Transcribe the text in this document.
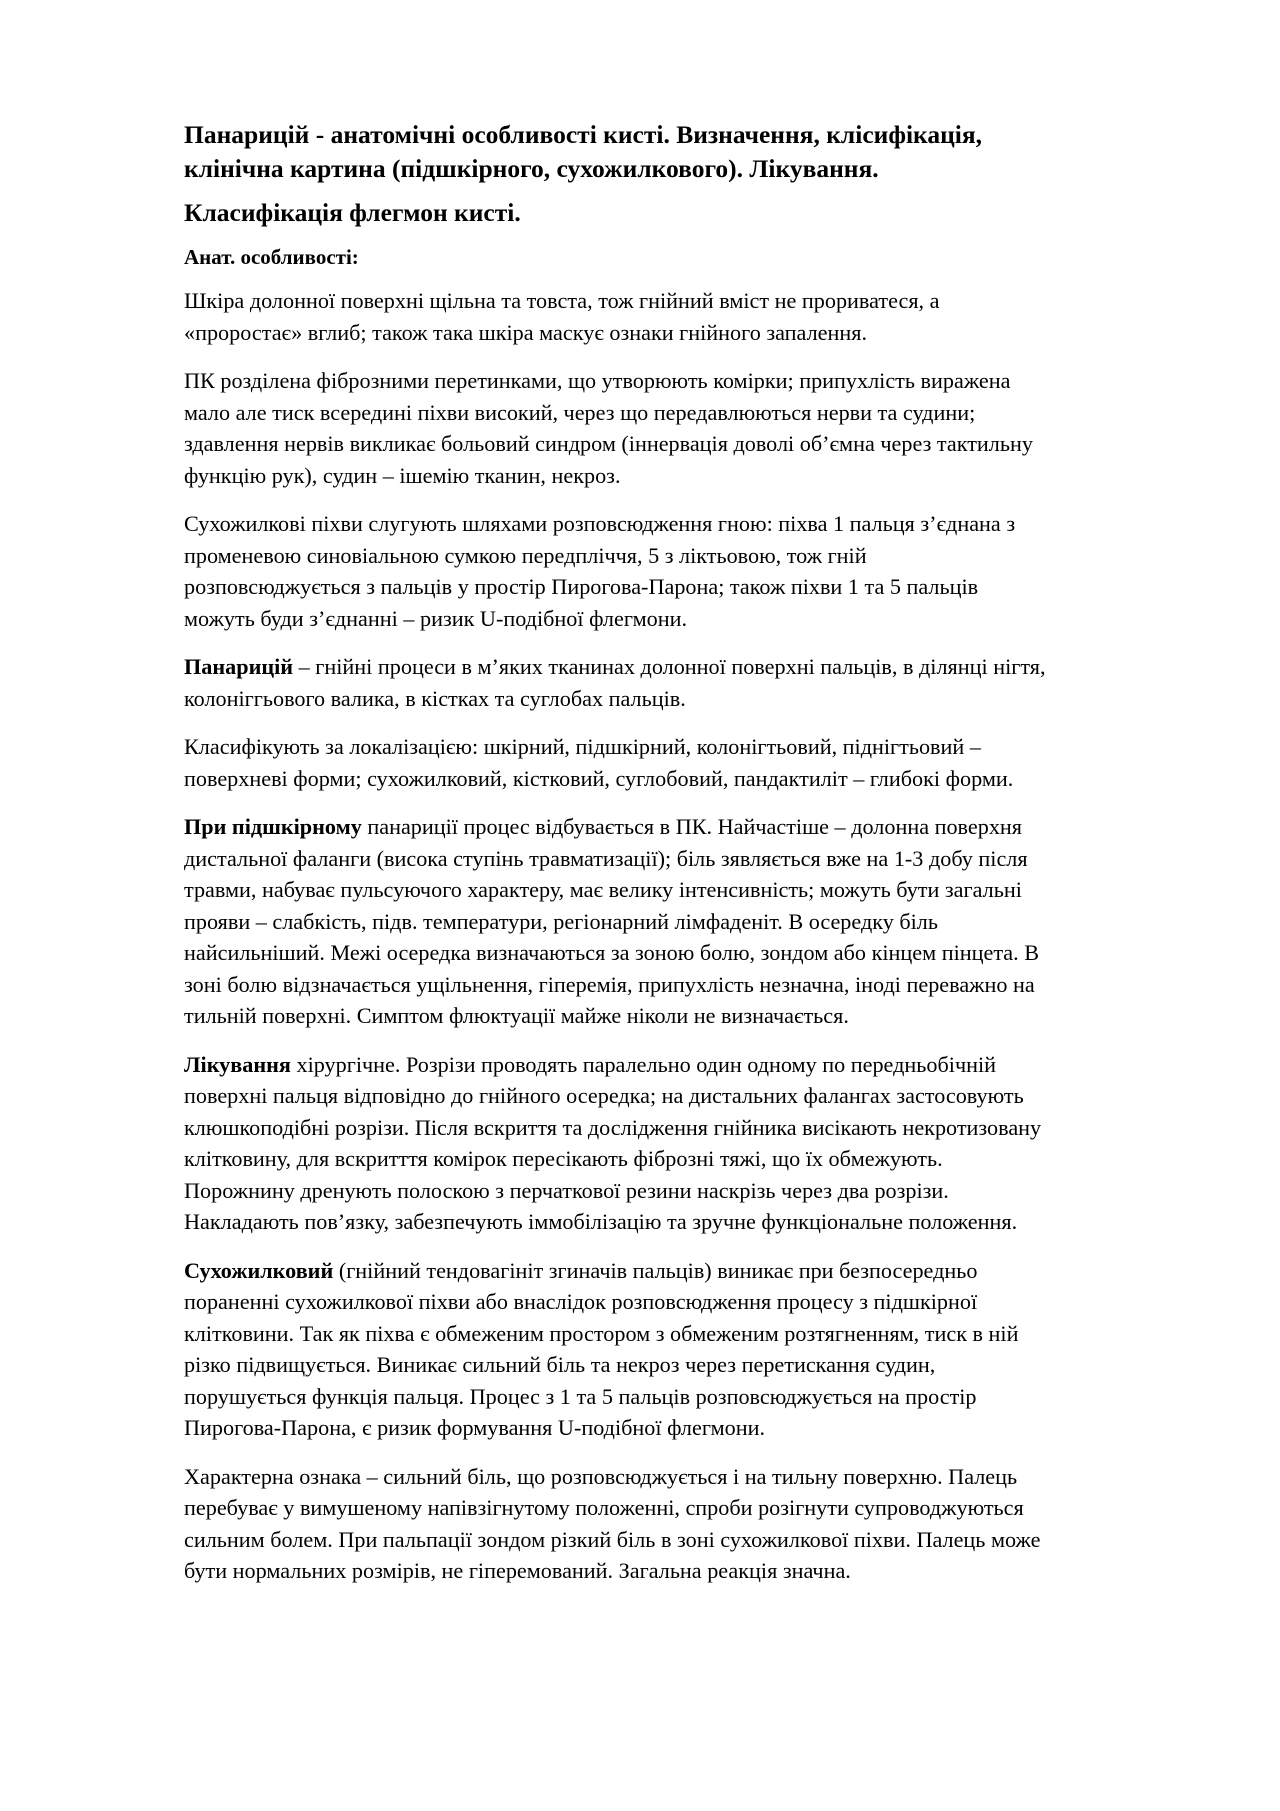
Панарицій - анатомічні особливості кисті. Визначення, клісифікація,
клінічна картина (підшкірного, сухожилкового). Лікування.
Класифікація флегмон кисті.
Анат. особливості:
Шкіра долонної поверхні щільна та товста, тож гнійний вміст не прориватеся, а
«проростає» вглиб; також така шкіра маскує ознаки гнійного запалення.
ПК розділена фіброзними перетинками, що утворюють комірки; припухлість виражена
мало але тиск всередині піхви високий, через що передавлюються нерви та судини;
здавлення нервів викликає больовий синдром (іннервація доволі об’ємна через тактильну
функцію рук), судин – ішемію тканин, некроз.
Сухожилкові піхви слугують шляхами розповсюдження гною: піхва 1 пальця з’єднана з
променевою синовіальною сумкою передпліччя, 5 з ліктьовою, тож гній
розповсюджується з пальців у простір Пирогова-Парона; також піхви 1 та 5 пальців
можуть буди з’єднанні – ризик U-подібної флегмони.
Панарицій – гнійні процеси в м’яких тканинах долонної поверхні пальців, в ділянці нігтя,
колоніггьового валика, в кістках та суглобах пальців.
Класифікують за локалізацією: шкірний, підшкірний, колонігтьовий, піднігтьовий –
поверхневі форми; сухожилковий, кістковий, суглобовий, пандактиліт – глибокі форми.
При підшкірному панариції процес відбувається в ПК. Найчастіше – долонна поверхня
дистальної фаланги (висока ступінь травматизації); біль зявляється вже на 1-3 добу після
травми, набуває пульсуючого характеру, має велику інтенсивність; можуть бути загальні
прояви – слабкість, підв. температури, регіонарний лімфаденіт. В осередку біль
найсильніший. Межі осередка визначаються за зоною болю, зондом або кінцем пінцета. В
зоні болю відзначається ущільнення, гіперемія, припухлість незначна, іноді переважно на
тильній поверхні. Симптом флюктуації майже ніколи не визначається.
Лікування хірургічне. Розрізи проводять паралельно один одному по передньобічній
поверхні пальця відповідно до гнійного осередка; на дистальних фалангах застосовують
клюшкоподібні розрізи. Після вскриття та дослідження гнійника висікають некротизовану
клітковину, для вскритття комірок пересікають фіброзні тяжі, що їх обмежують.
Порожнину дренують полоскою з перчаткової резини наскрізь через два розрізи.
Накладають пов’язку, забезпечують іммобілізацію та зручне функціональне положення.
Сухожилковий (гнійний тендовагініт згиначів пальців) виникає при безпосередньо
пораненні сухожилкової піхви або внаслідок розповсюдження процесу з підшкірної
клітковини. Так як піхва є обмеженим простором з обмеженим розтягненням, тиск в ній
різко підвищується. Виникає сильний біль та некроз через перетискання судин,
порушується функція пальця. Процес з 1 та 5 пальців розповсюджується на простір
Пирогова-Парона, є ризик формування U-подібної флегмони.
Характерна ознака – сильний біль, що розповсюджується і на тильну поверхню. Палець
перебуває у вимушеному напівзігнутому положенні, спроби розігнути супроводжуються
сильним болем. При пальпації зондом різкий біль в зоні сухожилкової піхви. Палець може
бути нормальних розмірів, не гіперемований. Загальна реакція значна.
